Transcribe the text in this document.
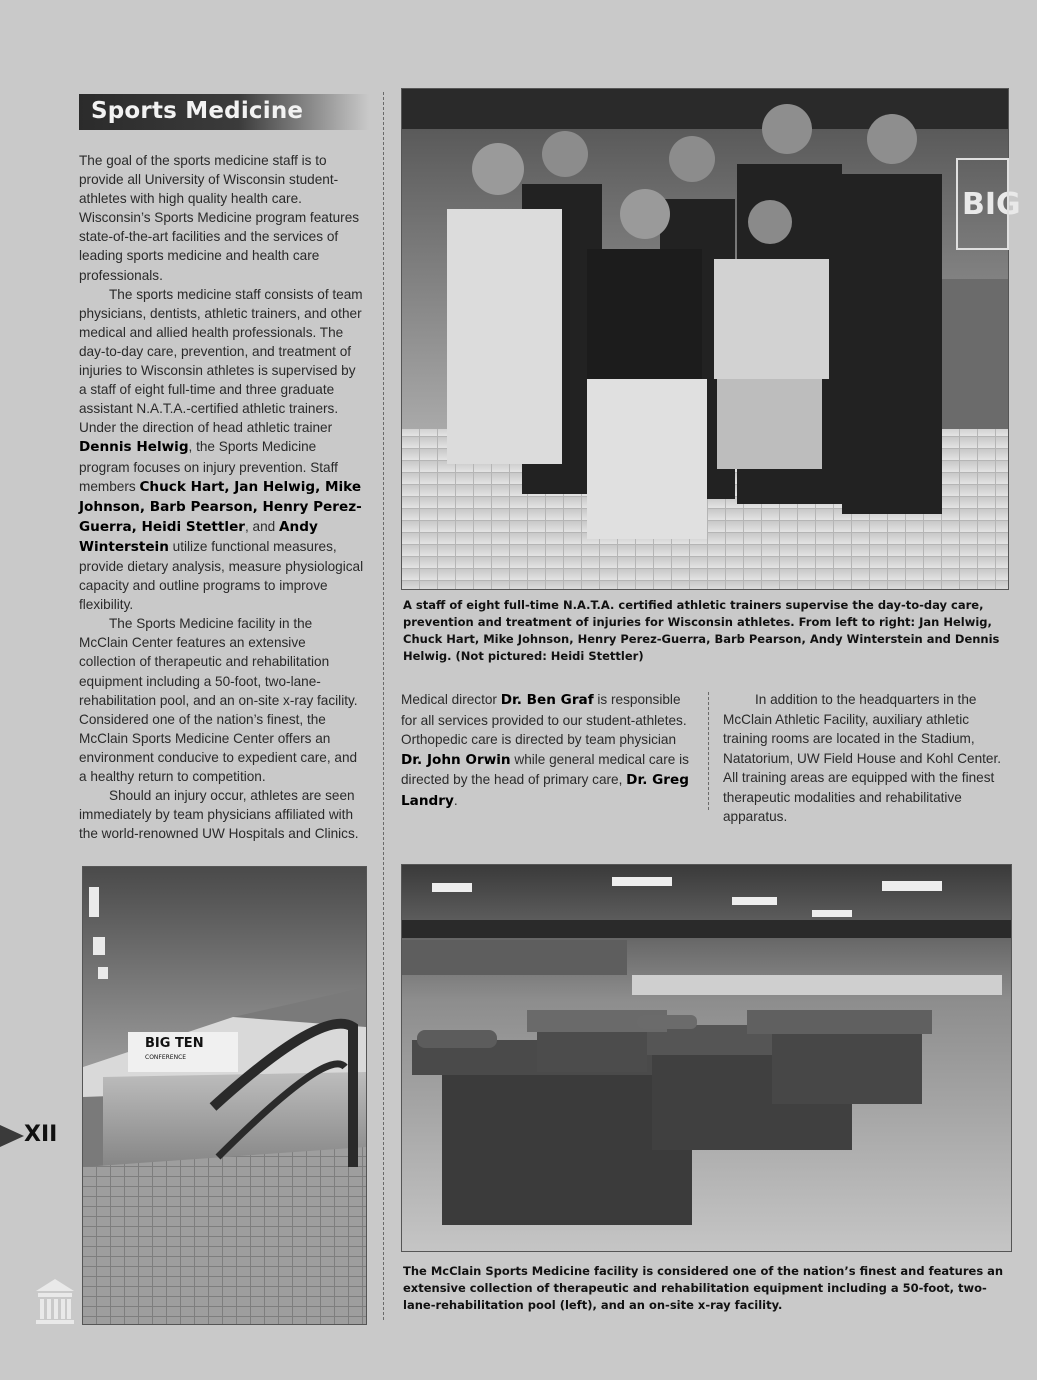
Sports Medicine

The goal of the sports medicine staff is to provide all University of Wisconsin student-athletes with high quality health care. Wisconsin’s Sports Medicine program features state-of-the-art facilities and the services of leading sports medicine and health care professionals.

The sports medicine staff consists of team physicians, dentists, athletic trainers, and other medical and allied health professionals. The day-to-day care, prevention, and treatment of injuries to Wisconsin athletes is supervised by a staff of eight full-time and three graduate assistant N.A.T.A.-certified athletic trainers. Under the direction of head athletic trainer Dennis Helwig, the Sports Medicine program focuses on injury prevention. Staff members Chuck Hart, Jan Helwig, Mike Johnson, Barb Pearson, Henry Perez-Guerra, Heidi Stettler, and Andy Winterstein utilize functional measures, provide dietary analysis, measure physiological capacity and outline programs to improve flexibility.

The Sports Medicine facility in the McClain Center features an extensive collection of therapeutic and rehabilitation equipment including a 50-foot, two-lane-rehabilitation pool, and an on-site x-ray facility. Considered one of the nation’s finest, the McClain Sports Medicine Center offers an environment conducive to expedient care, and a healthy return to competition.

Should an injury occur, athletes are seen immediately by team physicians affiliated with the world-renowned UW Hospitals and Clinics.

BIG
A staff of eight full-time N.A.T.A. certified athletic trainers supervise the day-to-day care, prevention and treatment of injuries for Wisconsin athletes. From left to right: Jan Helwig, Chuck Hart, Mike Johnson, Henry Perez-Guerra, Barb Pearson, Andy Winterstein and Dennis Helwig. (Not pictured: Heidi Stettler)

Medical director Dr. Ben Graf is responsible for all services provided to our student-athletes. Orthopedic care is directed by team physician Dr. John Orwin while general medical care is directed by the head of primary care, Dr. Greg Landry.

In addition to the headquarters in the McClain Athletic Facility, auxiliary athletic training rooms are located in the Stadium, Natatorium, UW Field House and Kohl Center. All training areas are equipped with the finest therapeutic modalities and rehabilitative apparatus.

BIG TEN
CONFERENCE
The McClain Sports Medicine facility is considered one of the nation’s finest and features an extensive collection of therapeutic and rehabilitation equipment including a 50-foot, two-lane-rehabilitation pool (left), and an on-site x-ray facility.
XII
